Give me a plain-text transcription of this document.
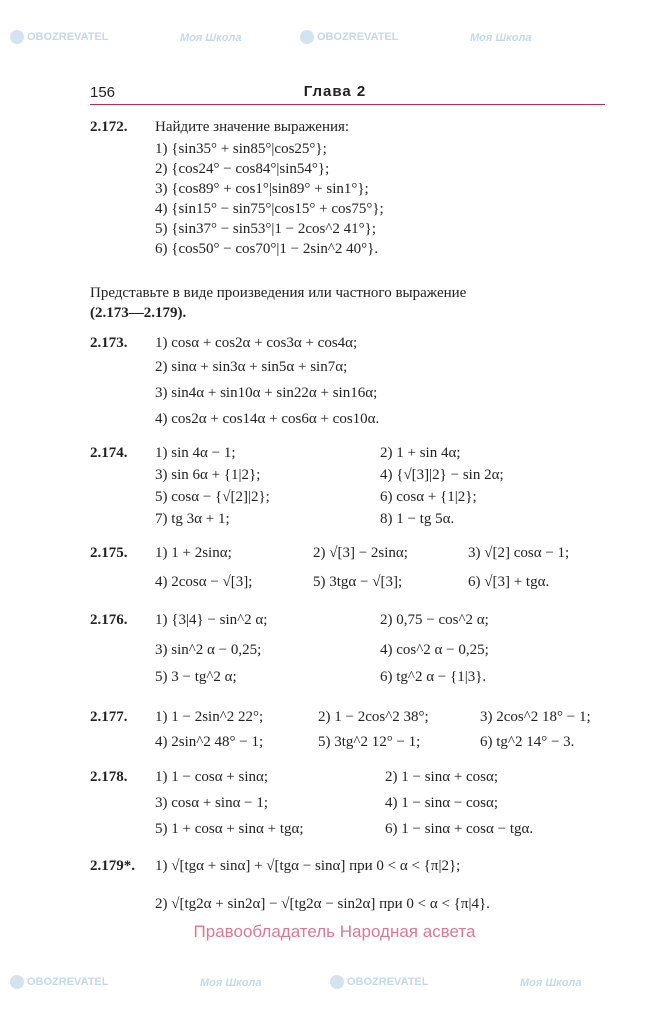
OBOZREVATEL	Моя Школа	OBOZREVATEL	Моя Школа
OBOZREVATEL	Моя Школа	OBOZREVATEL	Моя Школа
156	Глава 2
2.172. Найдите значение выражения:
1) {sin35° + sin85°|cos25°};
2) {cos24° − cos84°|sin54°};
3) {cos89° + cos1°|sin89° + sin1°};
4) {sin15° − sin75°|cos15° + cos75°};
5) {sin37° − sin53°|1 − 2cos^2 41°};
6) {cos50° − cos70°|1 − 2sin^2 40°}.
2.173. 1) cosα + cos2α + cos3α + cos4α;
2) sinα + sin3α + sin5α + sin7α;
3) sin4α + sin10α + sin22α + sin16α;
4) cos2α + cos14α + cos6α + cos10α.
2.174. 1) sin 4α − 1;	2) 1 + sin 4α;
3) sin 6α + {1|2};	4) {√[3]|2} − sin 2α;
5) cosα − {√[2]|2};	6) cosα + {1|2};
7) tg 3α + 1;	8) 1 − tg 5α.
2.175. 1) 1 + 2sinα;	2) √[3] − 2sinα;	3) √[2] cosα − 1;
4) 2cosα − √[3];	5) 3tgα − √[3];	6) √[3] + tgα.
2.176. 1) {3|4} − sin^2 α;	2) 0,75 − cos^2 α;
3) sin^2 α − 0,25;	4) cos^2 α − 0,25;
5) 3 − tg^2 α;	6) tg^2 α − {1|3}.
2.177. 1) 1 − 2sin^2 22°;	2) 1 − 2cos^2 38°;	3) 2cos^2 18° − 1;
4) 2sin^2 48° − 1;	5) 3tg^2 12° − 1;	6) tg^2 14° − 3.
2.178. 1) 1 − cosα + sinα;	2) 1 − sinα + cosα;
3) cosα + sinα − 1;	4) 1 − sinα − cosα;
5) 1 + cosα + sinα + tgα;	6) 1 − sinα + cosα − tgα.
2.179*. 1) √[tgα + sinα] + √[tgα − sinα] при 0 < α < {π|2};
2) √[tg2α + sin2α] − √[tg2α − sin2α] при 0 < α < {π|4}.
Представьте в виде произведения или частного выражение
(2.173—2.179).
Правообладатель Народная асвета
